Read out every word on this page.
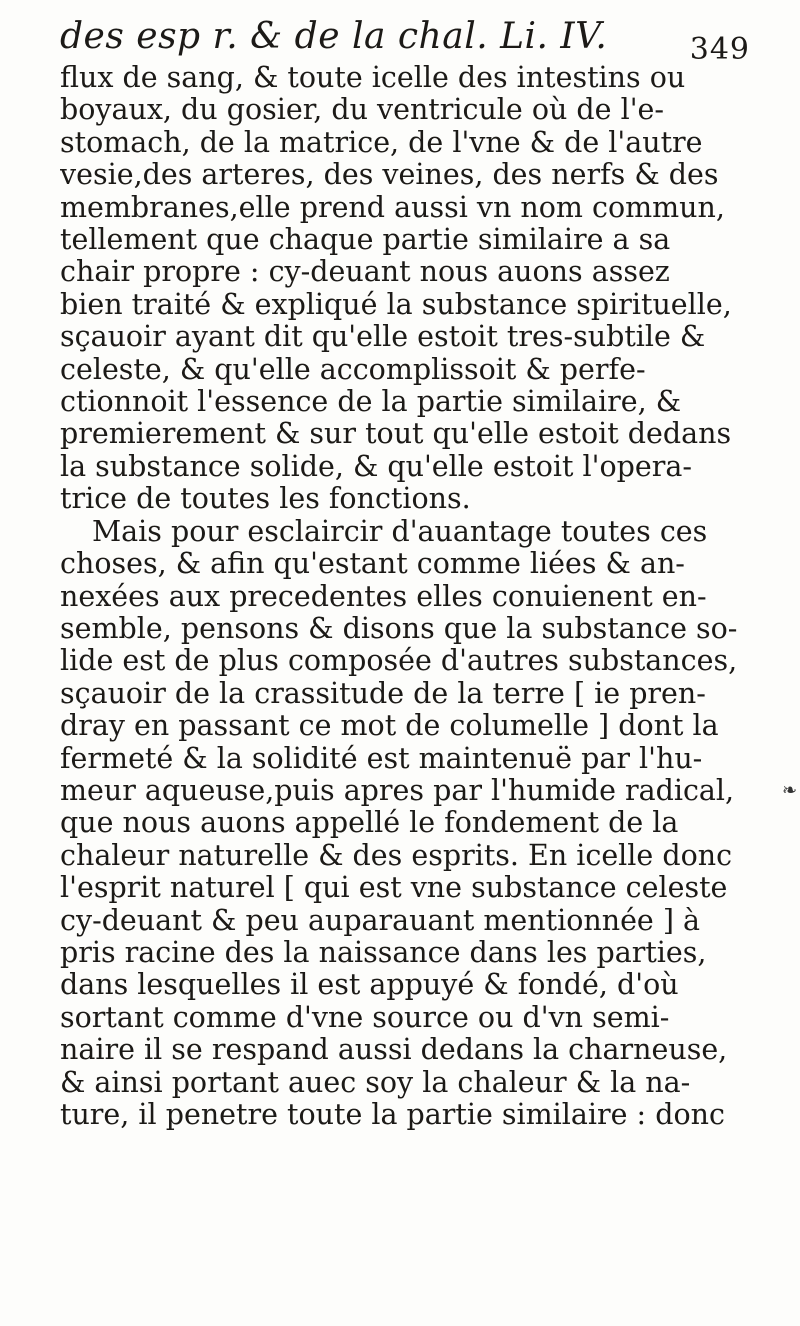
des esp r. & de la chal. Li. IV.	349
flux de sang, & toute icelle des intestins ou
boyaux, du gosier, du ventricule où de l'e-
stomach, de la matrice, de l'vne & de l'autre
vesie,des arteres, des veines, des nerfs & des
membranes,elle prend aussi vn nom commun,
tellement que chaque partie similaire a sa
chair propre : cy-deuant nous auons assez
bien traité & expliqué la substance spirituelle,
sçauoir ayant dit qu'elle estoit tres-subtile &
celeste, & qu'elle accomplissoit & perfe-
ctionnoit l'essence de la partie similaire, &
premierement & sur tout qu'elle estoit dedans
la substance solide, & qu'elle estoit l'opera-
trice de toutes les fonctions.
Mais pour esclaircir d'auantage toutes ces
choses, & afin qu'estant comme liées & an-
nexées aux precedentes elles conuienent en-
semble, pensons & disons que la substance so-
lide est de plus composée d'autres substances,
sçauoir de la crassitude de la terre [ ie pren-
dray en passant ce mot de columelle ] dont la
fermeté & la solidité est maintenuë par l'hu-
meur aqueuse,puis apres par l'humide radical,
que nous auons appellé le fondement de la
chaleur naturelle & des esprits. En icelle donc
l'esprit naturel [ qui est vne substance celeste
cy-deuant & peu auparauant mentionnée ] à
pris racine des la naissance dans les parties,
dans lesquelles il est appuyé & fondé, d'où
sortant comme d'vne source ou d'vn semi-
naire il se respand aussi dedans la charneuse,
& ainsi portant auec soy la chaleur & la na-
ture, il penetre toute la partie similaire : donc
❧
